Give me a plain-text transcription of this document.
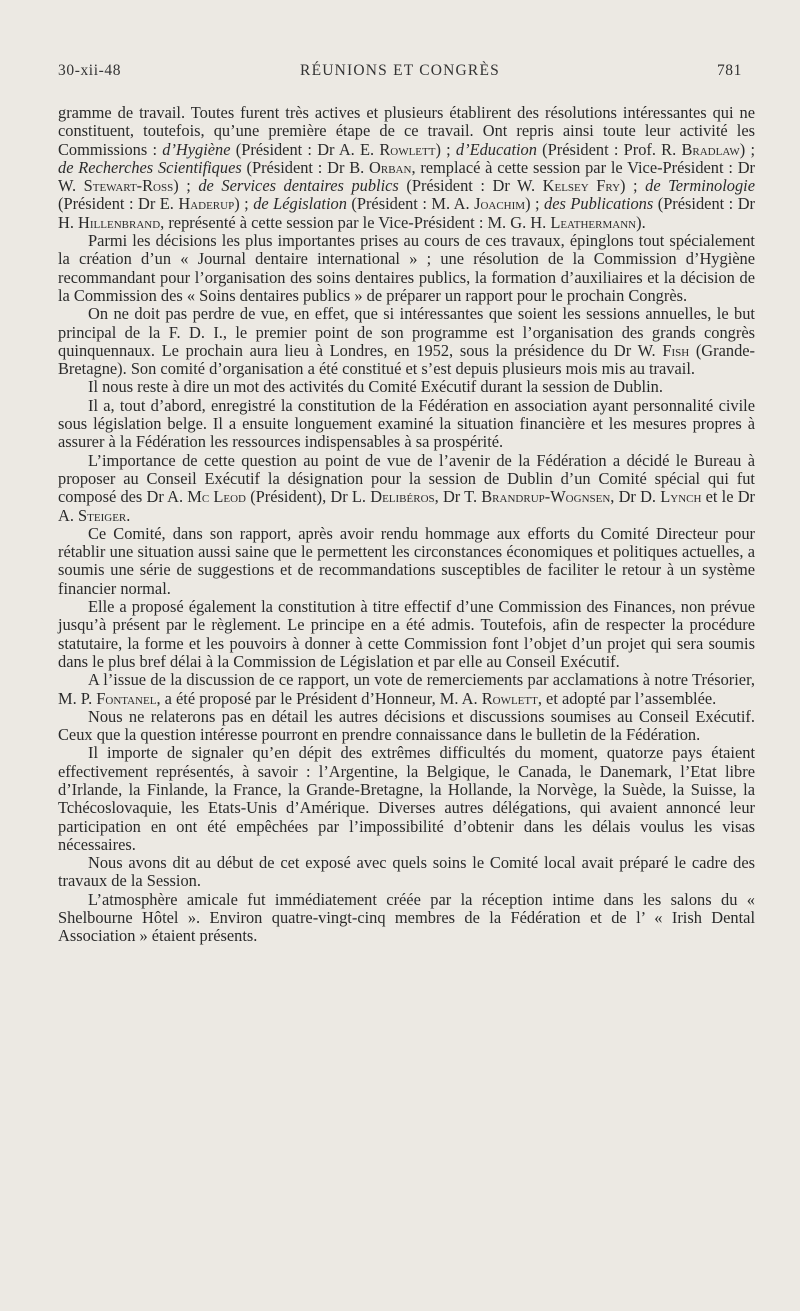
30-xii-48	RÉUNIONS ET CONGRÈS	781

gramme de travail. Toutes furent très actives et plusieurs établirent des résolutions intéressantes qui ne constituent, toutefois, qu’une première étape de ce travail. Ont repris ainsi toute leur activité les Commissions : d’Hygiène (Président : Dr A. E. Rowlett) ; d’Education (Président : Prof. R. Bradlaw) ; de Recherches Scientifiques (Président : Dr B. Orban, remplacé à cette session par le Vice-Président : Dr W. Stewart-Ross) ; de Services dentaires publics (Président : Dr W. Kelsey Fry) ; de Terminologie (Président : Dr E. Haderup) ; de Législation (Président : M. A. Joachim) ; des Publications (Président : Dr H. Hillenbrand, représenté à cette session par le Vice-Président : M. G. H. Leathermann).

Parmi les décisions les plus importantes prises au cours de ces travaux, épinglons tout spécialement la création d’un « Journal dentaire international » ; une résolution de la Commission d’Hygiène recommandant pour l’organisation des soins dentaires publics, la formation d’auxiliaires et la décision de la Commission des « Soins dentaires publics » de préparer un rapport pour le prochain Congrès.

On ne doit pas perdre de vue, en effet, que si intéressantes que soient les sessions annuelles, le but principal de la F. D. I., le premier point de son programme est l’organisation des grands congrès quinquennaux. Le prochain aura lieu à Londres, en 1952, sous la présidence du Dr W. Fish (Grande-Bretagne). Son comité d’organisation a été constitué et s’est depuis plusieurs mois mis au travail.

Il nous reste à dire un mot des activités du Comité Exécutif durant la session de Dublin.

Il a, tout d’abord, enregistré la constitution de la Fédération en association ayant personnalité civile sous législation belge. Il a ensuite longuement examiné la situation financière et les mesures propres à assurer à la Fédération les ressources indispensables à sa prospérité.

L’importance de cette question au point de vue de l’avenir de la Fédération a décidé le Bureau à proposer au Conseil Exécutif la désignation pour la session de Dublin d’un Comité spécial qui fut composé des Dr A. Mc Leod (Président), Dr L. Delibéros, Dr T. Brandrup-Wognsen, Dr D. Lynch et le Dr A. Steiger.

Ce Comité, dans son rapport, après avoir rendu hommage aux efforts du Comité Directeur pour rétablir une situation aussi saine que le permettent les circonstances économiques et politiques actuelles, a soumis une série de suggestions et de recommandations susceptibles de faciliter le retour à un système financier normal.

Elle a proposé également la constitution à titre effectif d’une Commission des Finances, non prévue jusqu’à présent par le règlement. Le principe en a été admis. Toutefois, afin de respecter la procédure statutaire, la forme et les pouvoirs à donner à cette Commission font l’objet d’un projet qui sera soumis dans le plus bref délai à la Commission de Législation et par elle au Conseil Exécutif.

A l’issue de la discussion de ce rapport, un vote de remerciements par acclamations à notre Trésorier, M. P. Fontanel, a été proposé par le Président d’Honneur, M. A. Rowlett, et adopté par l’assemblée.

Nous ne relaterons pas en détail les autres décisions et discussions soumises au Conseil Exécutif. Ceux que la question intéresse pourront en prendre connaissance dans le bulletin de la Fédération.

Il importe de signaler qu’en dépit des extrêmes difficultés du moment, quatorze pays étaient effectivement représentés, à savoir : l’Argentine, la Belgique, le Canada, le Danemark, l’Etat libre d’Irlande, la Finlande, la France, la Grande-Bretagne, la Hollande, la Norvège, la Suède, la Suisse, la Tchécoslovaquie, les Etats-Unis d’Amérique. Diverses autres délégations, qui avaient annoncé leur participation en ont été empêchées par l’impossibilité d’obtenir dans les délais voulus les visas nécessaires.

Nous avons dit au début de cet exposé avec quels soins le Comité local avait préparé le cadre des travaux de la Session.

L’atmosphère amicale fut immédiatement créée par la réception intime dans les salons du « Shelbourne Hôtel ». Environ quatre-vingt-cinq membres de la Fédération et de l’ « Irish Dental Association » étaient présents.
